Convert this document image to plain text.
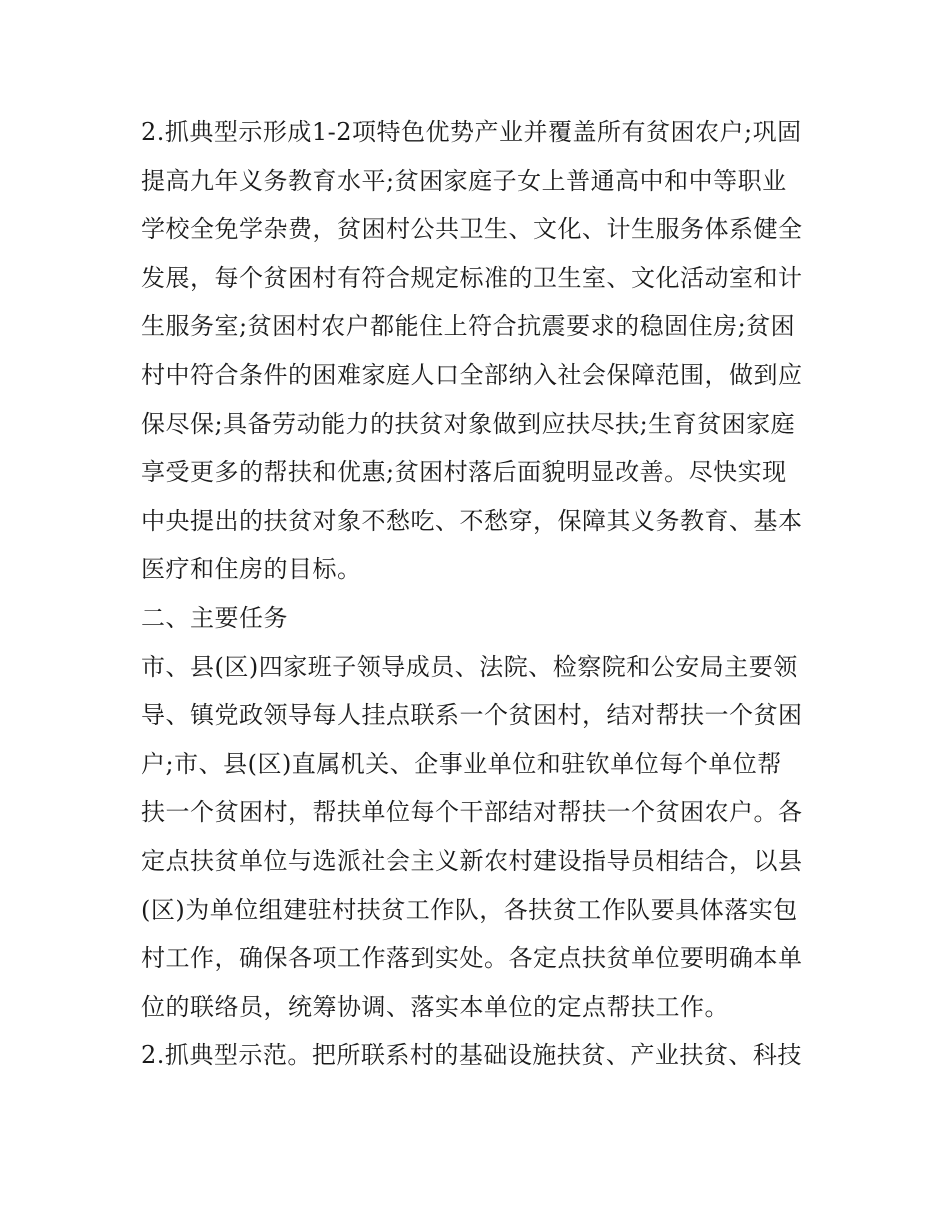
2.抓典型示形成1-2项特色优势产业并覆盖所有贫困农户;巩固
提高九年义务教育水平;贫困家庭子女上普通高中和中等职业
学校全免学杂费，贫困村公共卫生、文化、计生服务体系健全
发展，每个贫困村有符合规定标准的卫生室、文化活动室和计
生服务室;贫困村农户都能住上符合抗震要求的稳固住房;贫困
村中符合条件的困难家庭人口全部纳入社会保障范围，做到应
保尽保;具备劳动能力的扶贫对象做到应扶尽扶;生育贫困家庭
享受更多的帮扶和优惠;贫困村落后面貌明显改善。尽快实现
中央提出的扶贫对象不愁吃、不愁穿，保障其义务教育、基本
医疗和住房的目标。
二、主要任务
市、县(区)四家班子领导成员、法院、检察院和公安局主要领
导、镇党政领导每人挂点联系一个贫困村，结对帮扶一个贫困
户;市、县(区)直属机关、企事业单位和驻钦单位每个单位帮
扶一个贫困村，帮扶单位每个干部结对帮扶一个贫困农户。各
定点扶贫单位与选派社会主义新农村建设指导员相结合，以县
(区)为单位组建驻村扶贫工作队，各扶贫工作队要具体落实包
村工作，确保各项工作落到实处。各定点扶贫单位要明确本单
位的联络员，统筹协调、落实本单位的定点帮扶工作。
2.抓典型示范。把所联系村的基础设施扶贫、产业扶贫、科技
